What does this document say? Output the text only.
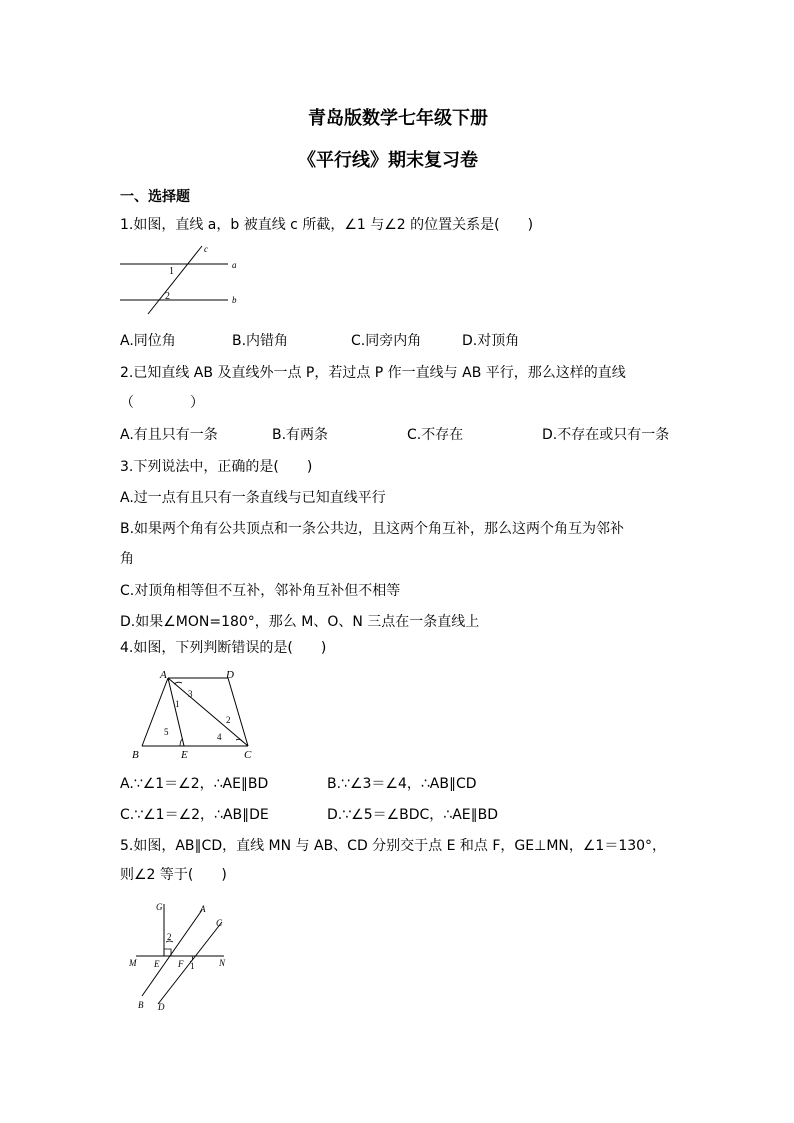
青岛版数学七年级下册
《平行线》期末复习卷
一、选择题
1.如图，直线 a，b 被直线 c 所截，∠1 与∠2 的位置关系是(　　)
c
a
b
1
2
A.同位角	B.内错角	C.同旁内角	D.对顶角
2.已知直线 AB 及直线外一点 P，若过点 P 作一直线与 AB 平行，那么这样的直线
（　　　　）
A.有且只有一条	B.有两条	C.不存在	D.不存在或只有一条
3.下列说法中，正确的是(　　)
A.过一点有且只有一条直线与已知直线平行
B.如果两个角有公共顶点和一条公共边，且这两个角互补，那么这两个角互为邻补
角
C.对顶角相等但不互补，邻补角互补但不相等
D.如果∠MON=180°，那么 M、O、N 三点在一条直线上
4.如图，下列判断错误的是(　　)
A	D
B	E	C
1
2
3
4
5
A.∵∠1＝∠2，∴AE∥BD	B.∵∠3＝∠4，∴AB∥CD
C.∵∠1＝∠2，∴AB∥DE	D.∵∠5＝∠BDC，∴AE∥BD
5.如图，AB∥CD，直线 MN 与 AB、CD 分别交于点 E 和点 F，GE⊥MN，∠1＝130°，
则∠2 等于(　　)
G	A
C
M E F	N
B D
1
2
